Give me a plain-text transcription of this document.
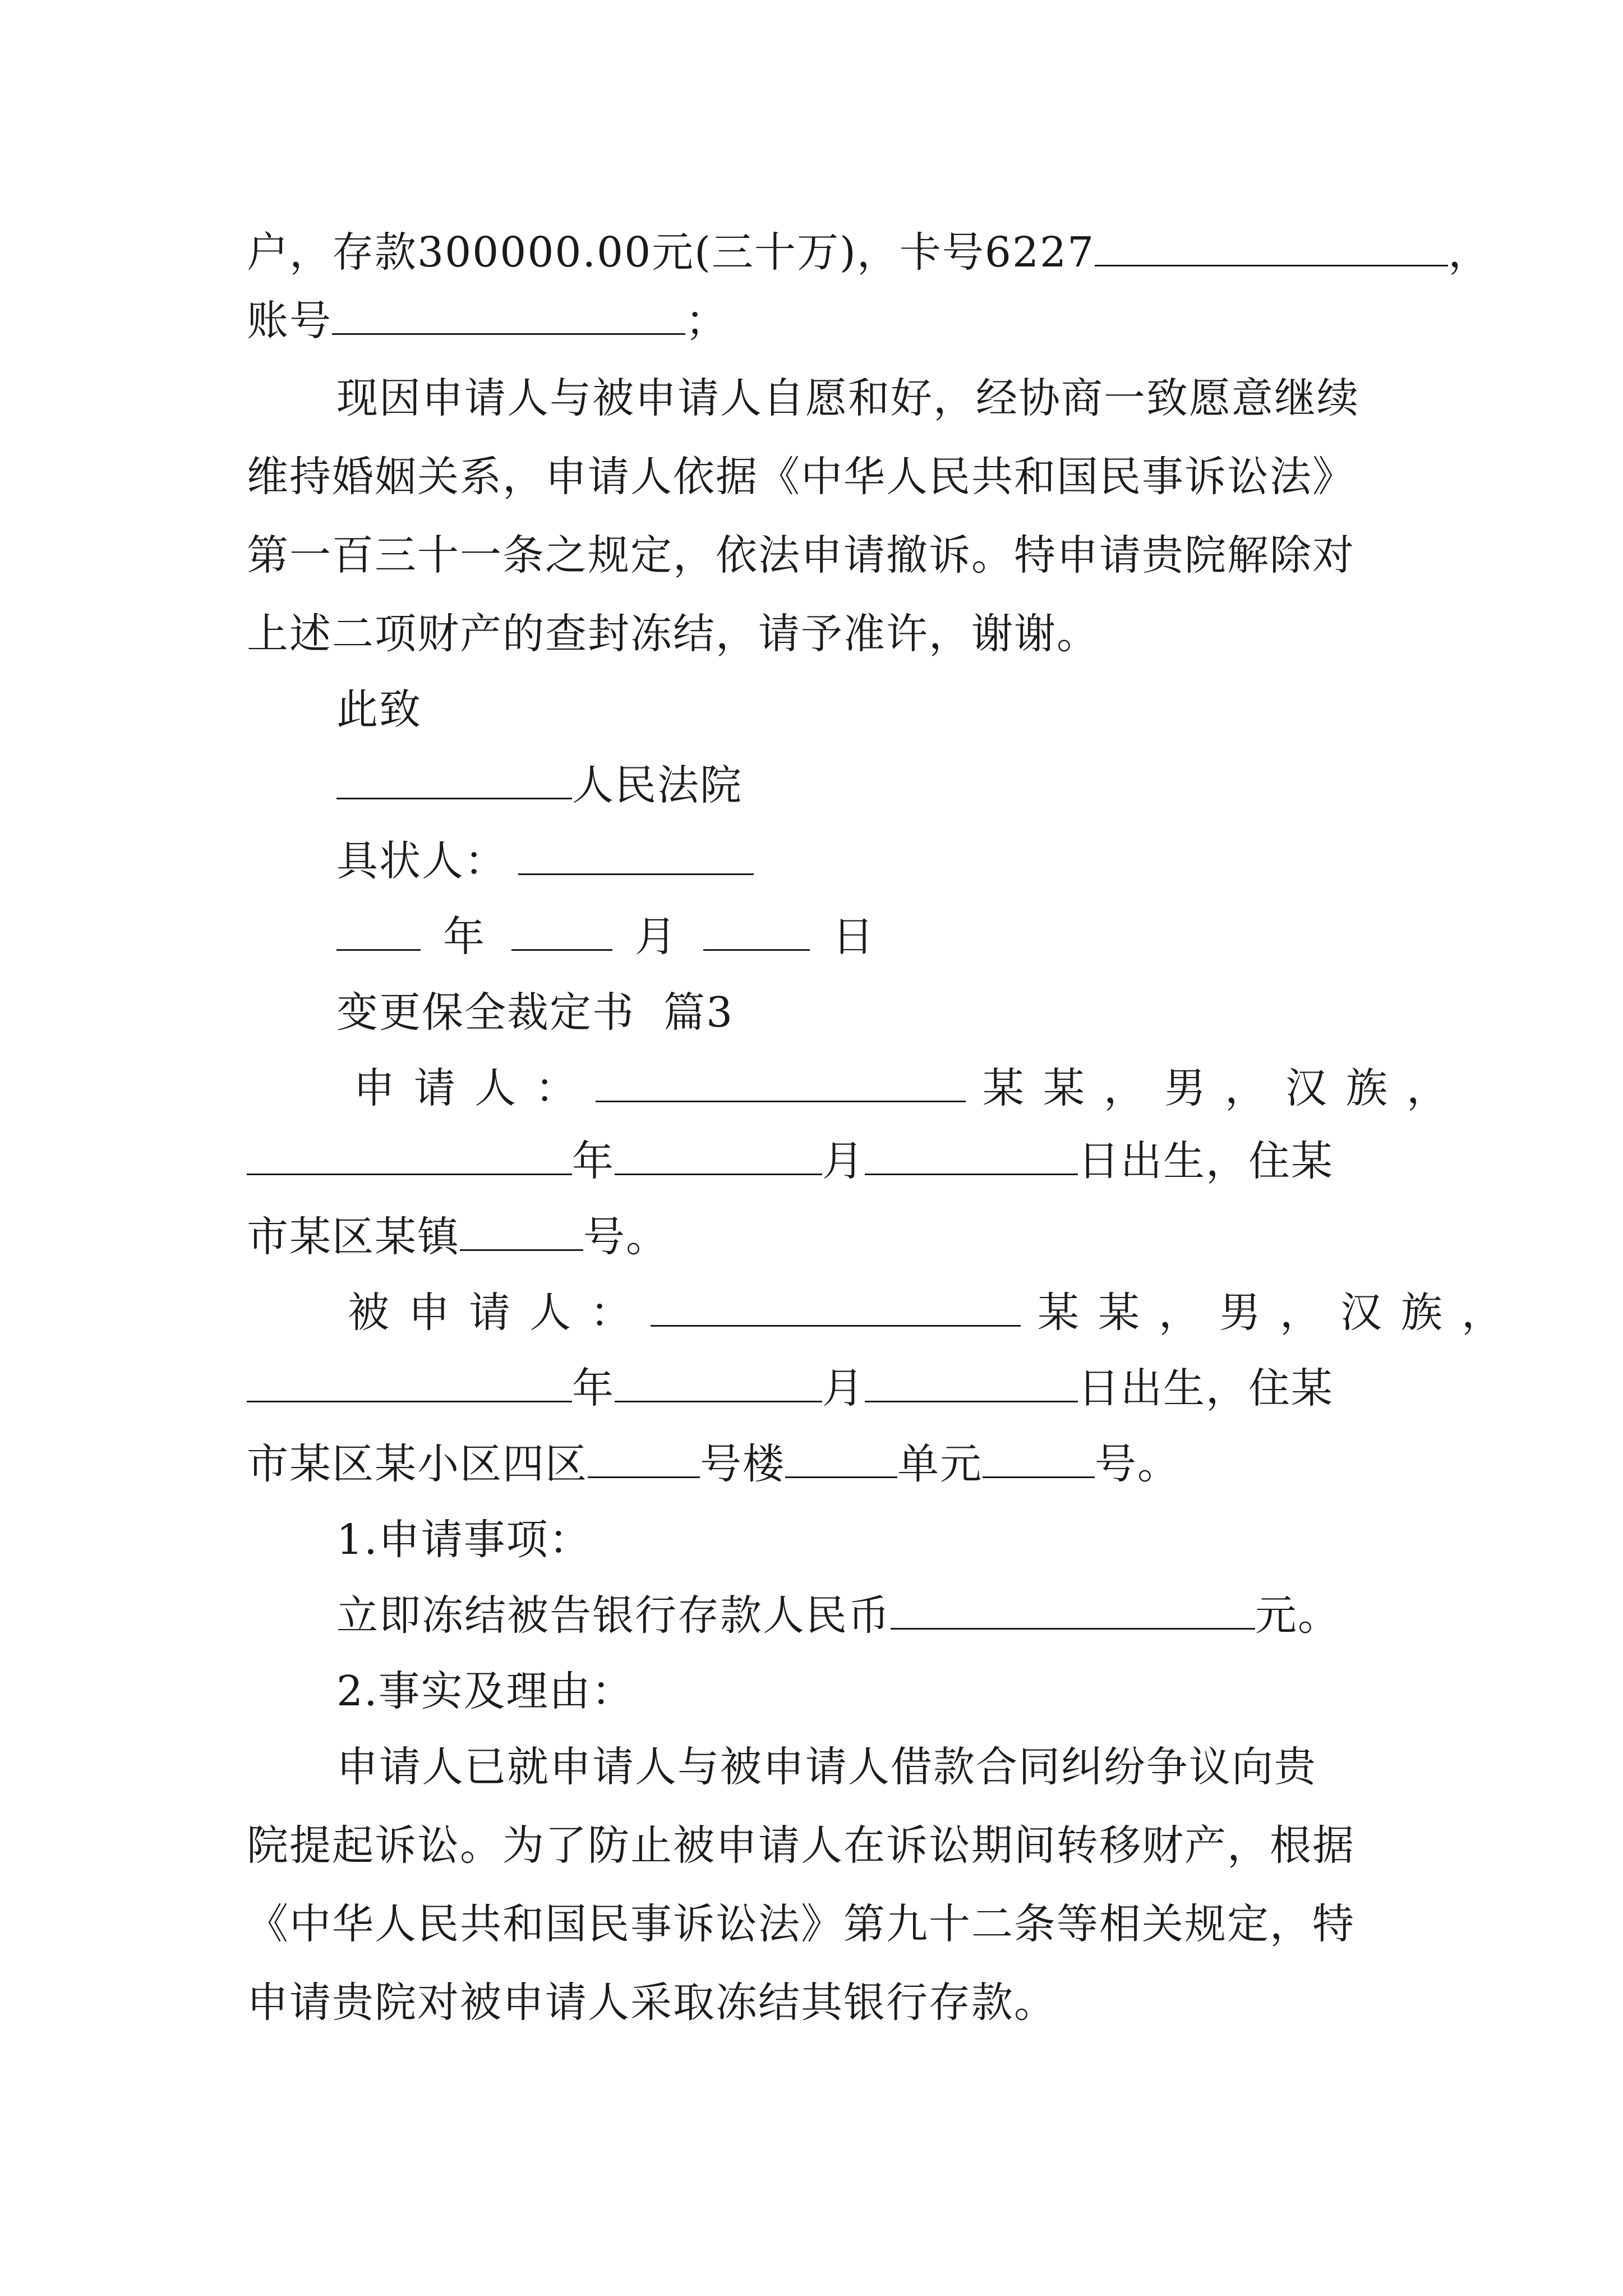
户，存款300000.00元(三十万)，卡号6227	，
账号	；
现因申请人与被申请人自愿和好，经协商一致愿意继续
维持婚姻关系，申请人依据《中华人民共和国民事诉讼法》
第一百三十一条之规定，依法申请撤诉。特申请贵院解除对
上述二项财产的查封冻结，请予准许，谢谢。
此致
人民法院
具状人：
年	月	日
变更保全裁定书  篇3
申请人：	某某，男，汉族，
年	月	日出生，住某
市某区某镇	号。
被申请人：	某某，男，汉族，
年	月	日出生，住某
市某区某小区四区	号楼	单元	号。
1.申请事项：
立即冻结被告银行存款人民币	元。
2.事实及理由：
申请人已就申请人与被申请人借款合同纠纷争议向贵
院提起诉讼。为了防止被申请人在诉讼期间转移财产，根据
《中华人民共和国民事诉讼法》第九十二条等相关规定，特
申请贵院对被申请人采取冻结其银行存款。
